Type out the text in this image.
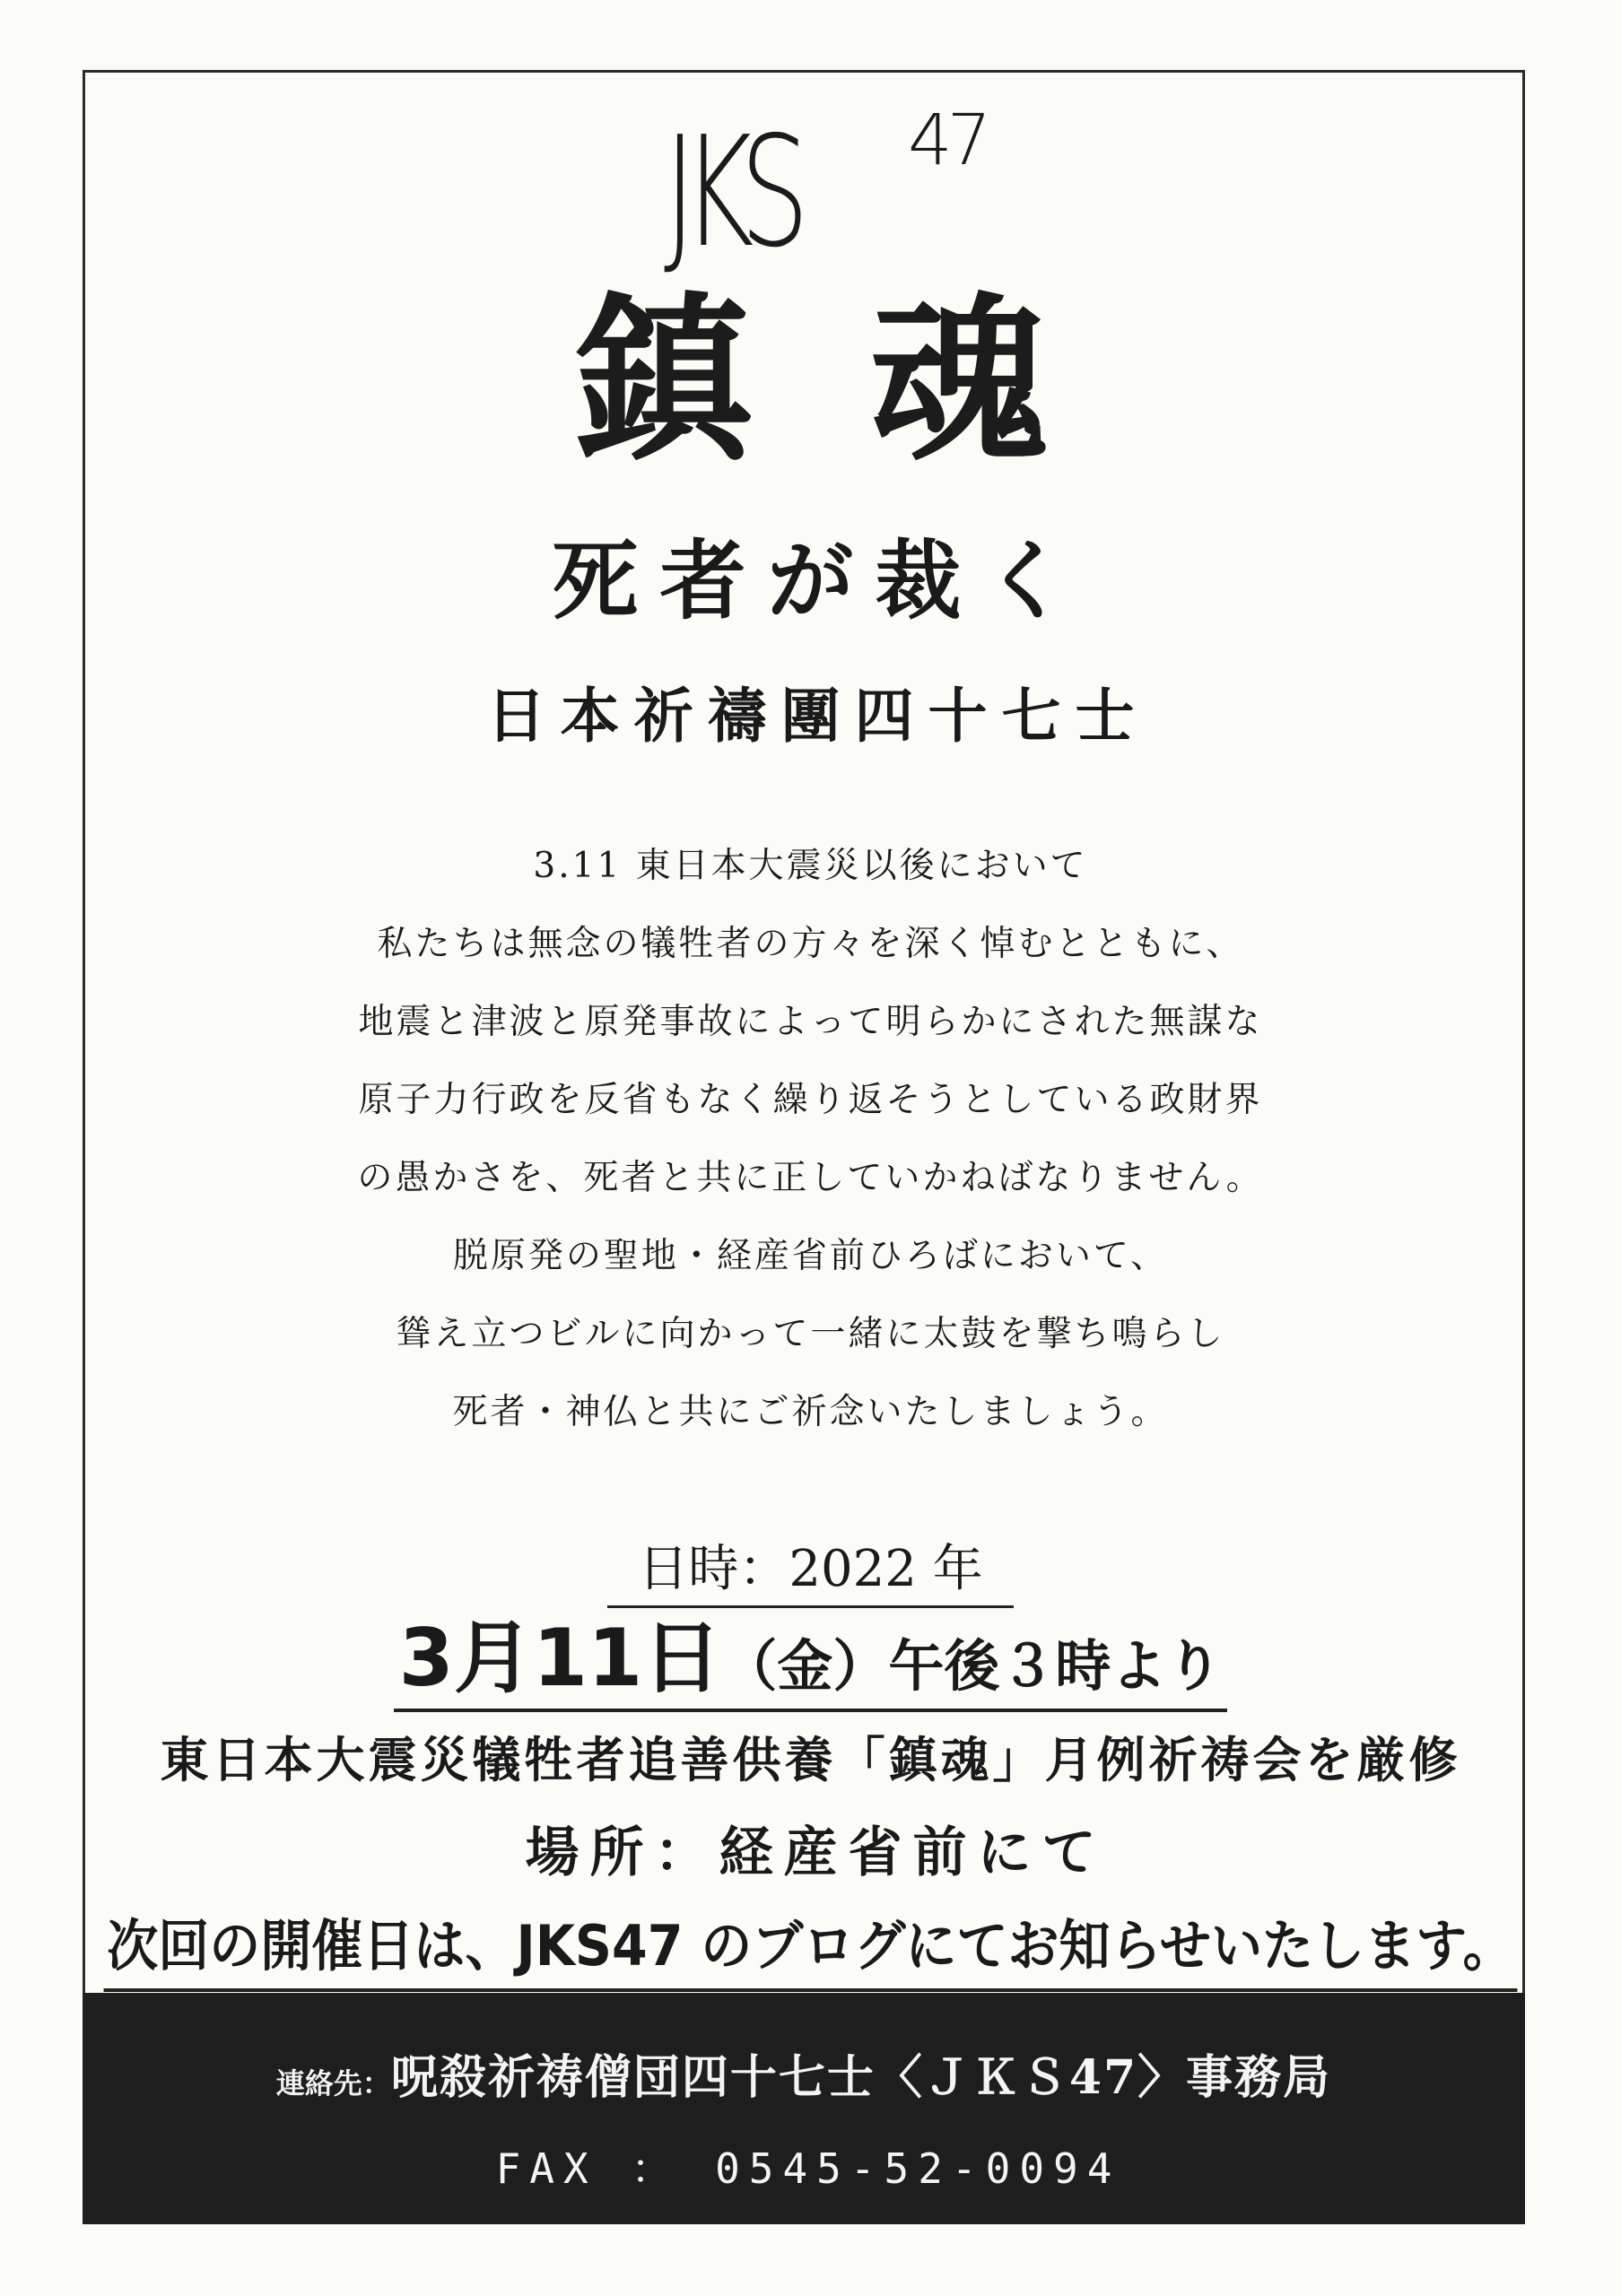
JKS 47
鎮魂
死者が裁く
日本祈禱團四十七士
3.11 東日本大震災以後において
私たちは無念の犠牲者の方々を深く悼むとともに、
地震と津波と原発事故によって明らかにされた無謀な
原子力行政を反省もなく繰り返そうとしている政財界
の愚かさを、死者と共に正していかねばなりません。
脱原発の聖地・経産省前ひろばにおいて、
聳え立つビルに向かって一緒に太鼓を撃ち鳴らし
死者・神仏と共にご祈念いたしましょう。
日時：2022 年
3月11日（金）午後３時より
東日本大震災犠牲者追善供養「鎮魂」月例祈祷会を厳修
場所：経産省前にて
次回の開催日は、JKS47 のブログにてお知らせいたします。
連絡先：呪殺祈祷僧団四十七士〈ＪＫＳ47〉事務局
FAX ： 0545-52-0094
